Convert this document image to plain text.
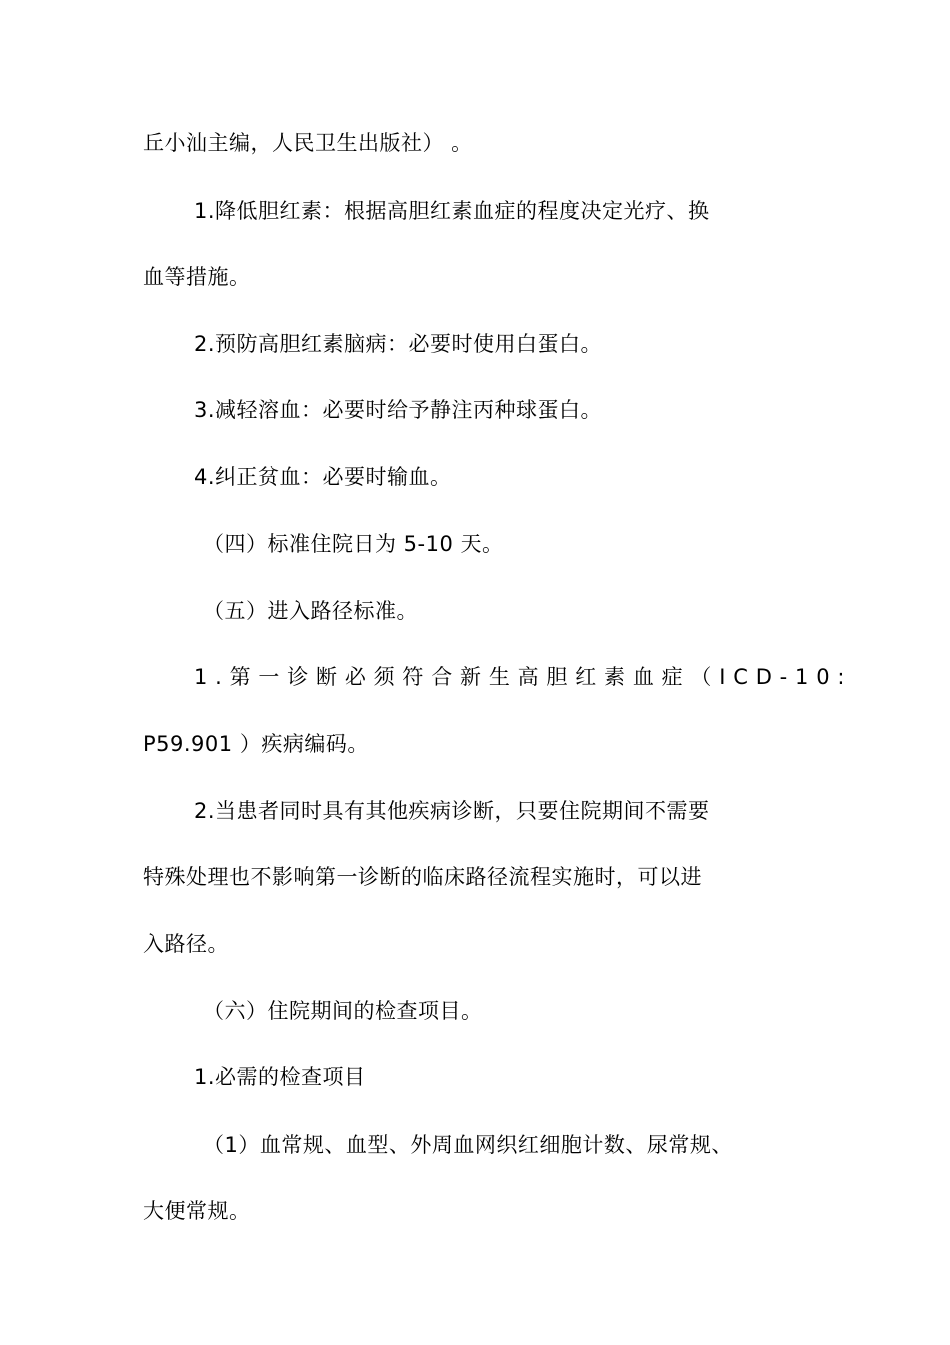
丘小汕主编，人民卫生出版社） 。
1.降低胆红素：根据高胆红素血症的程度决定光疗、换
血等措施。
2.预防高胆红素脑病：必要时使用白蛋白。
3.减轻溶血：必要时给予静注丙种球蛋白。
4.纠正贫血：必要时输血。
（四）标准住院日为 5-10 天。
（五）进入路径标准。
1.第一诊断必须符合新生高胆红素血症（ICD-10:
P59.901 ）疾病编码。
2.当患者同时具有其他疾病诊断，只要住院期间不需要
特殊处理也不影响第一诊断的临床路径流程实施时，可以进
入路径。
（六）住院期间的检查项目。
1.必需的检查项目
（1）血常规、血型、外周血网织红细胞计数、尿常规、
大便常规。
